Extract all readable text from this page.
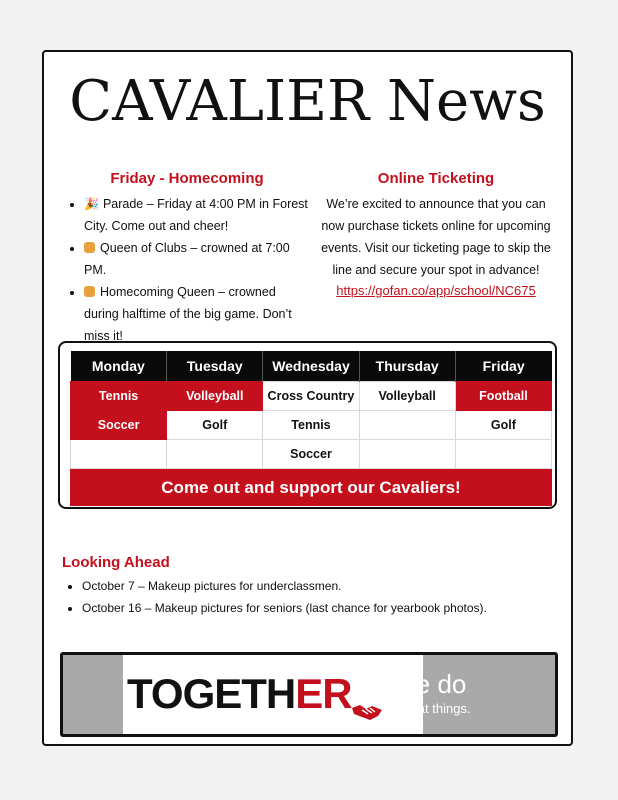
CAVALIER News
Friday - Homecoming
• 🎉 Parade – Friday at 4:00 PM in Forest City. Come out and cheer!
• Queen of Clubs – crowned at 7:00 PM.
• Homecoming Queen – crowned during halftime of the big game. Don’t miss it!
Online Ticketing

We’re excited to announce that you can now purchase tickets online for upcoming events. Visit our ticketing page to skip the line and secure your spot in advance!

https://gofan.co/app/school/NC675
Monday	Tuesday	Wednesday	Thursday	Friday
Tennis	Volleyball	Cross Country	Volleyball	Football
Soccer	Golf	Tennis		Golf
		Soccer		
Come out and support our Cavaliers!
Looking Ahead
• October 7 – Makeup pictures for underclassmen.
• October 16 – Makeup pictures for seniors (last chance for yearbook photos).
TOGETHER we do
great things.
